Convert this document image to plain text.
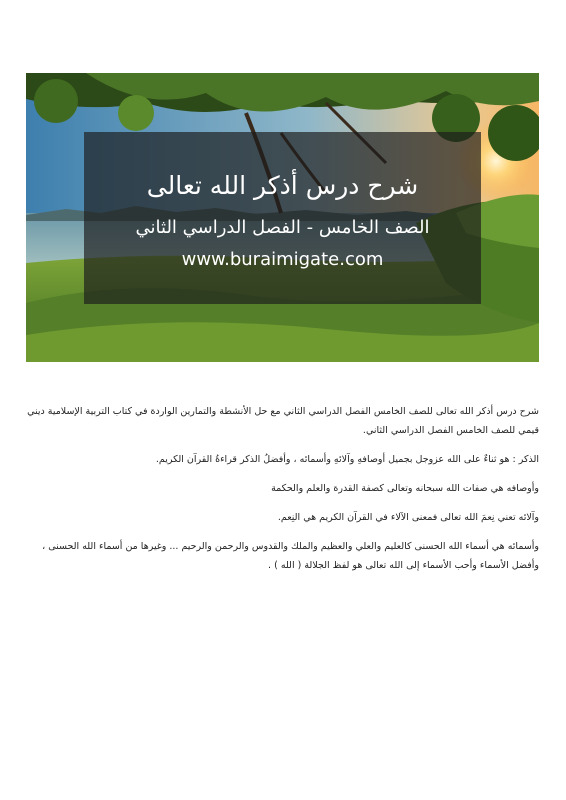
شرح درس أذكر الله تعالى
الصف الخامس - الفصل الدراسي الثاني
www.buraimigate.com

شرح درس أذكر الله تعالى للصف الخامس الفصل الدراسي الثاني مع حل الأنشطة والتمارين الواردة في كتاب التربية الإسلامية ديني قيمي للصف الخامس الفصل الدراسي الثاني.

الذكر : هو ثناءٌ على الله عزوجل بجميل أوصافهِ وآلائهِ وأسمائه ، وأفضلُ الذكر قراءةُ القرآن الكريم.

وأوصافه هي صفات الله سبحانه وتعالى كصفة القدرة والعلم والحكمة

وآلائه تعني نِعمَ الله تعالى فمعنى الآلاء في القرآن الكريم هي النِعم.

وأسمائه هي أسماء الله الحسنى كالعليم والعلي والعظيم والملك والقدوس والرحمن والرحيم ... وغيرها من أسماء الله الحسنى ، وأفضل الأسماء وأحب الأسماء إلى الله تعالى هو لفظ الجلالة ( الله ) .
